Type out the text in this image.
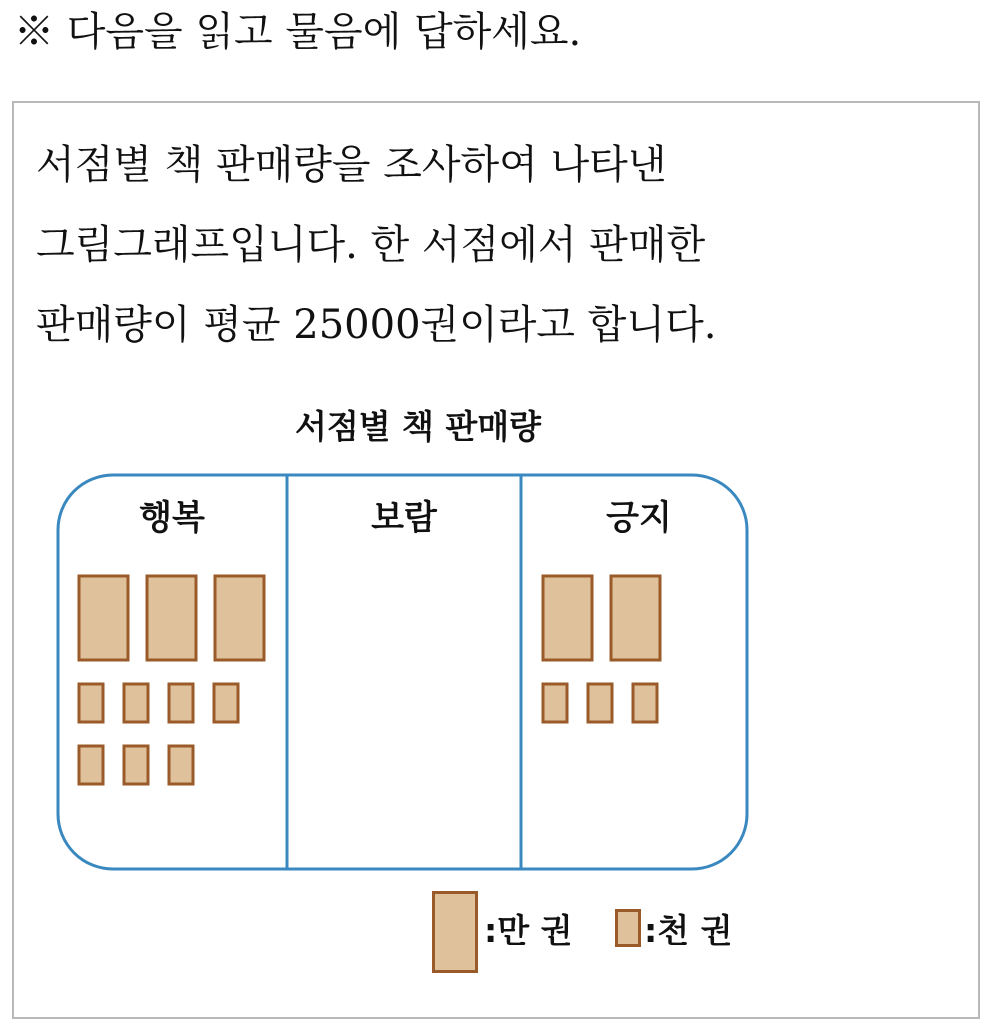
※ 다음을 읽고 물음에 답하세요.
서점별 책 판매량을 조사하여 나타낸
그림그래프입니다. 한 서점에서 판매한
판매량이 평균 25000권이라고 합니다.
서점별 책 판매량
행복	보람	긍지
:만 권 :천 권
